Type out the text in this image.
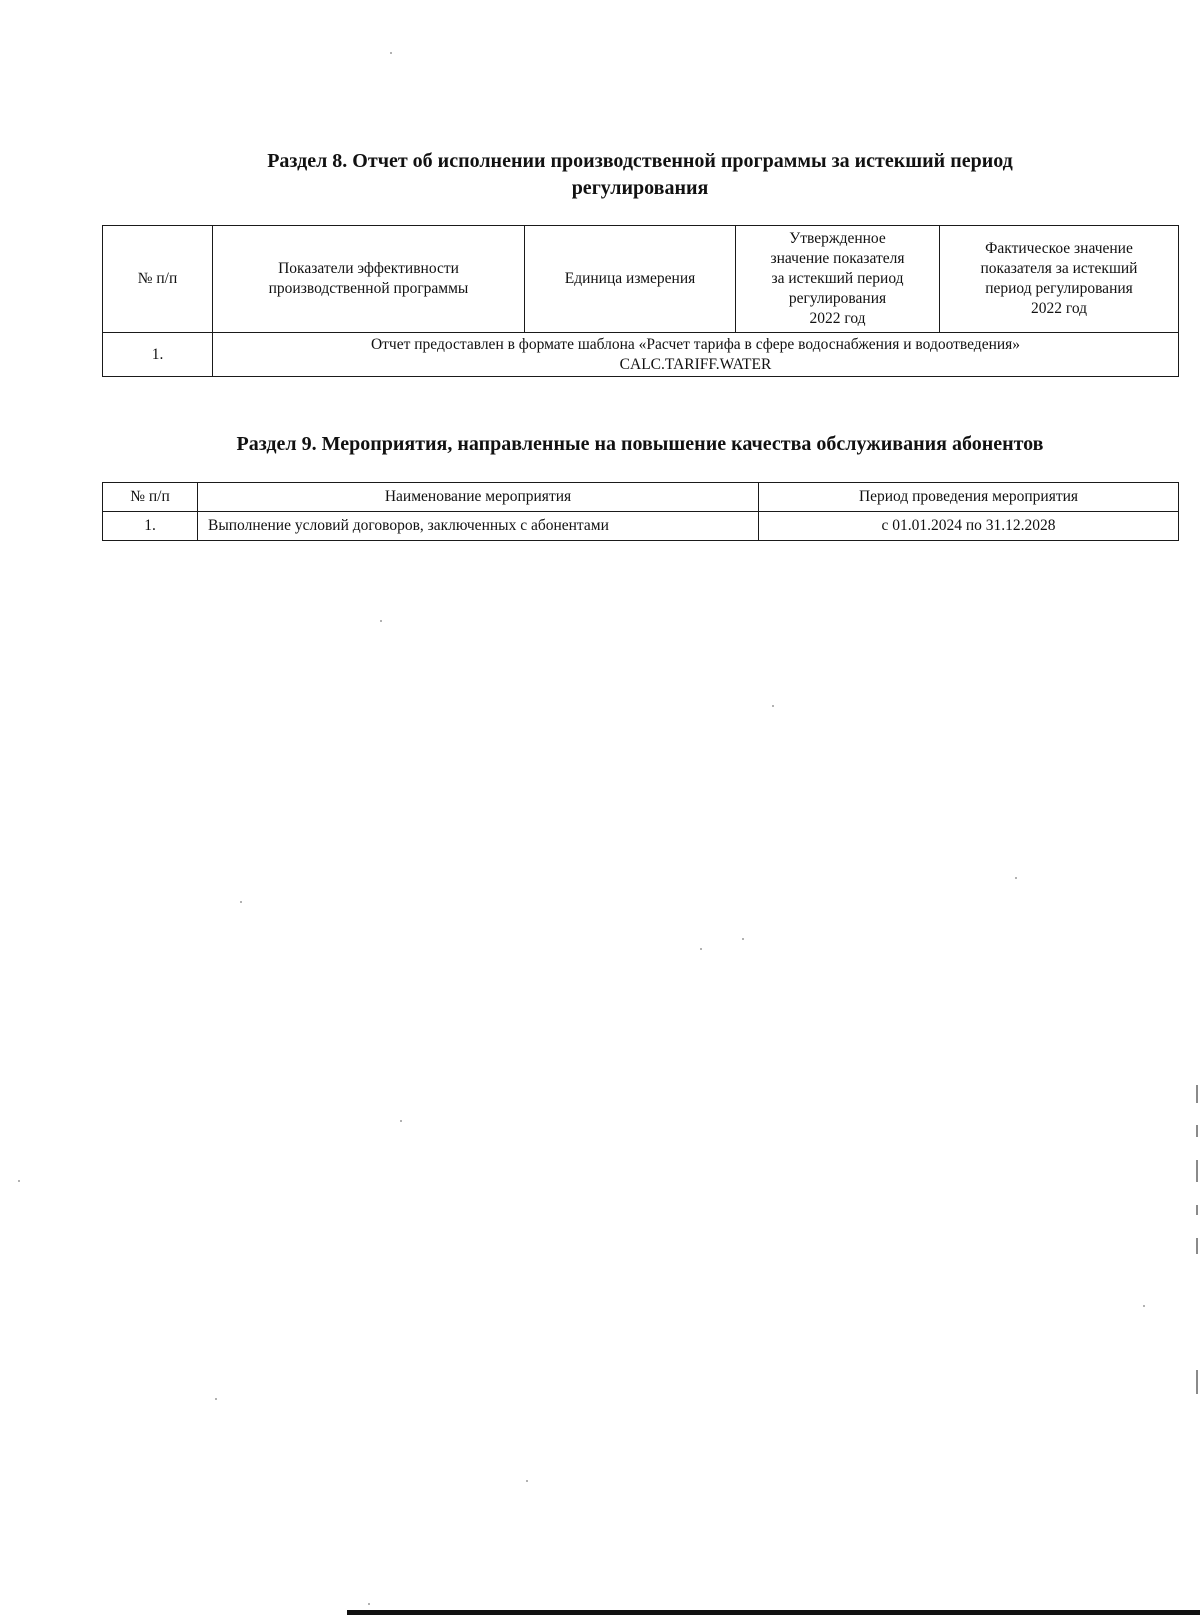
Раздел 8. Отчет об исполнении производственной программы за истекший период
регулирования
№ п/п	Показатели эффективности
производственной программы	Единица измерения	Утвержденное
значение показателя
за истекший период
регулирования
2022 год	Фактическое значение
показателя за истекший
период регулирования
2022 год
1.	Отчет предоставлен в формате шаблона «Расчет тарифа в сфере водоснабжения и водоотведения»
CALC.TARIFF.WATER			
Раздел 9. Мероприятия, направленные на повышение качества обслуживания абонентов
№ п/п	Наименование мероприятия	Период проведения мероприятия
1.	Выполнение условий договоров, заключенных с абонентами	с 01.01.2024 по 31.12.2028
